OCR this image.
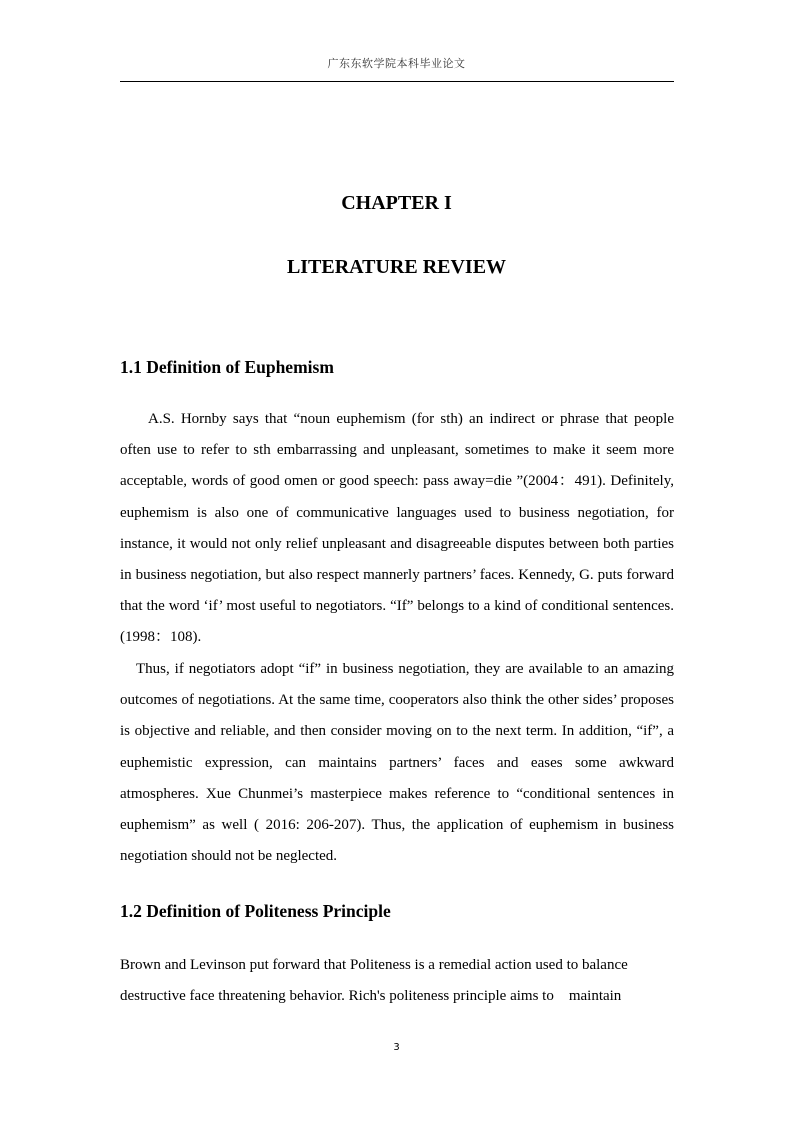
广东东软学院本科毕业论文
CHAPTER I
LITERATURE REVIEW
1.1 Definition of Euphemism

A.S. Hornby says that “noun euphemism (for sth) an indirect or phrase that people often use to refer to sth embarrassing and unpleasant, sometimes to make it seem more acceptable, words of good omen or good speech: pass away=die ”(2004：491). Definitely, euphemism is also one of communicative languages used to business negotiation, for instance, it would not only relief unpleasant and disagreeable disputes between both parties in business negotiation, but also respect mannerly partners’ faces. Kennedy, G. puts forward that the word ‘if’ most useful to negotiators. “If” belongs to a kind of conditional sentences. (1998：108).

Thus, if negotiators adopt “if” in business negotiation, they are available to an amazing outcomes of negotiations. At the same time, cooperators also think the other sides’ proposes is objective and reliable, and then consider moving on to the next term. In addition, “if”, a euphemistic expression, can maintains partners’ faces and eases some awkward atmospheres. Xue Chunmei’s masterpiece makes reference to “conditional sentences in euphemism” as well ( 2016: 206-207). Thus, the application of euphemism in business negotiation should not be neglected.

1.2 Definition of Politeness Principle

Brown and Levinson put forward that Politeness is a remedial action used to balance destructive face threatening behavior. Rich's politeness principle aims to    maintain

3
